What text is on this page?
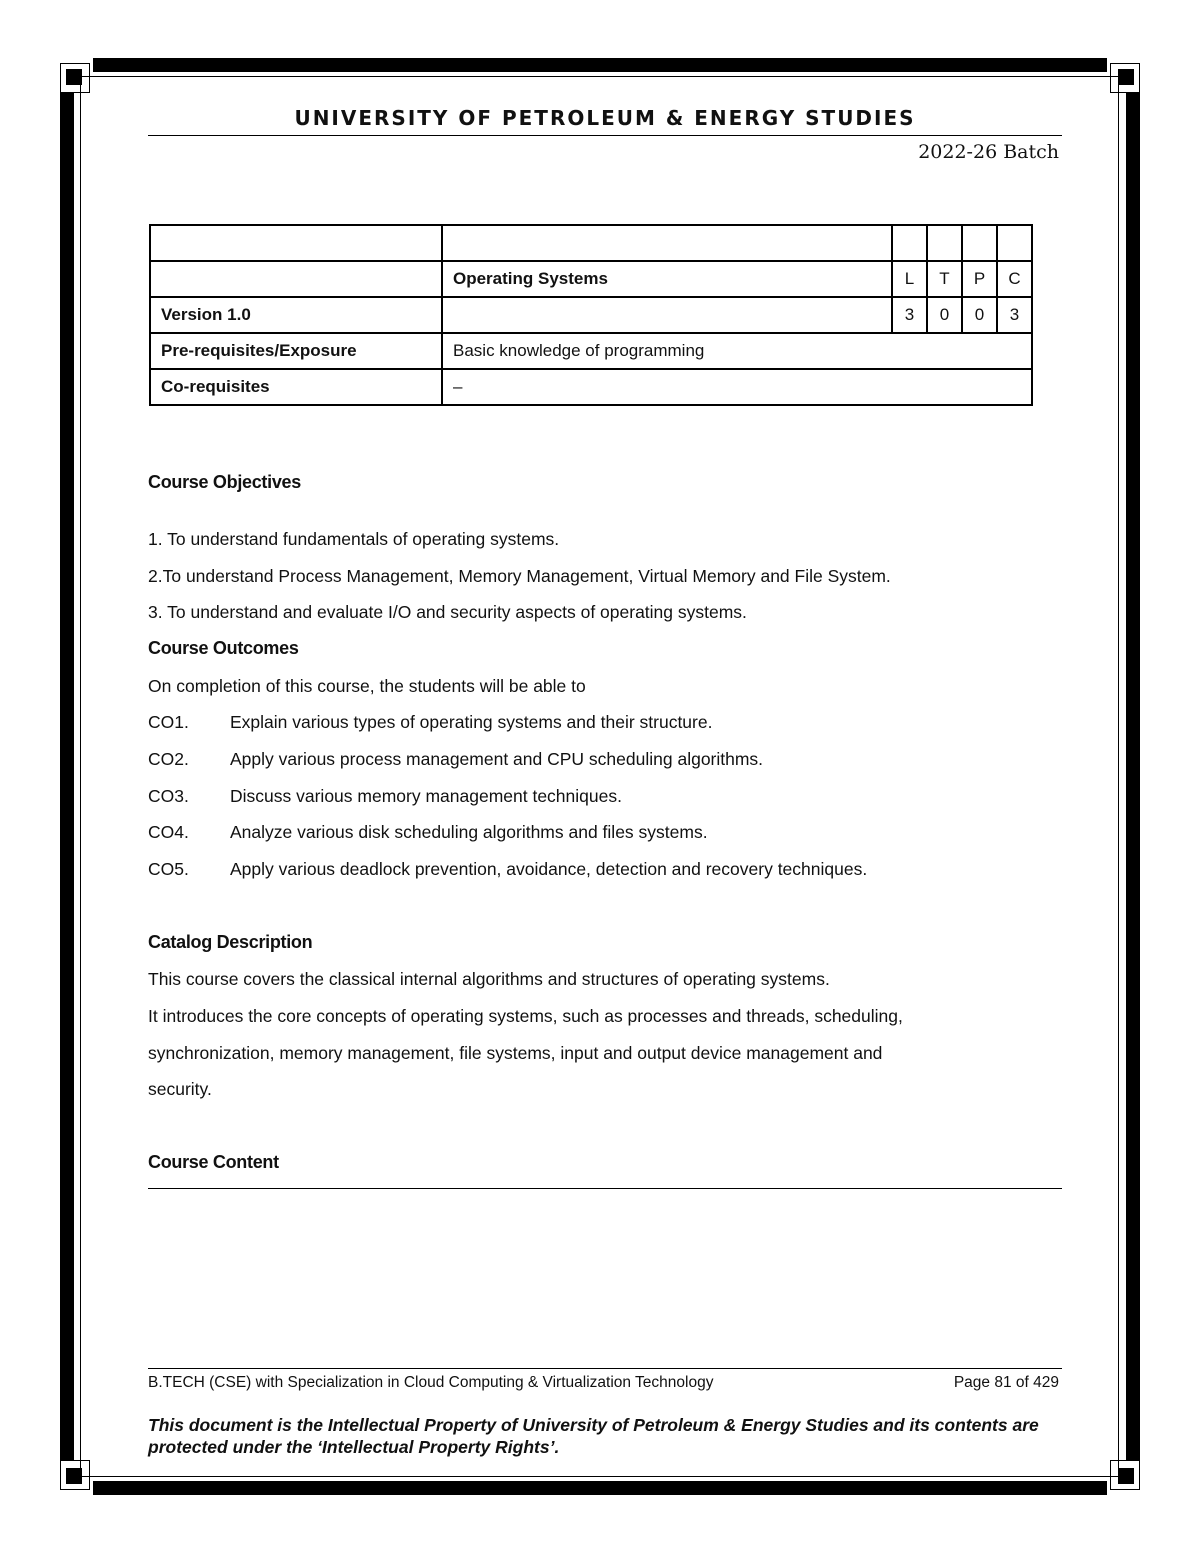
UNIVERSITY OF PETROLEUM & ENERGY STUDIES
2022-26 Batch

	Operating Systems	L	T	P	C
Version 1.0		3	0	0	3
Pre-requisites/Exposure	Basic knowledge of programming				
Co-requisites	–				
Course Objectives
1. To understand fundamentals of operating systems.
2.To understand Process Management, Memory Management, Virtual Memory and File System.
3. To understand and evaluate I/O and security aspects of operating systems.
Course Outcomes
On completion of this course, the students will be able to
CO1. Explain various types of operating systems and their structure.
CO2. Apply various process management and CPU scheduling algorithms.
CO3. Discuss various memory management techniques.
CO4. Analyze various disk scheduling algorithms and files systems.
CO5. Apply various deadlock prevention, avoidance, detection and recovery techniques.
Catalog Description
This course covers the classical internal algorithms and structures of operating systems.
It introduces the core concepts of operating systems, such as processes and threads, scheduling,
synchronization, memory management, file systems, input and output device management and
security.
Course Content
B.TECH (CSE) with Specialization in Cloud Computing & Virtualization Technology	Page 81 of 429
This document is the Intellectual Property of University of Petroleum & Energy Studies and its contents are protected under the ‘Intellectual Property Rights’.
